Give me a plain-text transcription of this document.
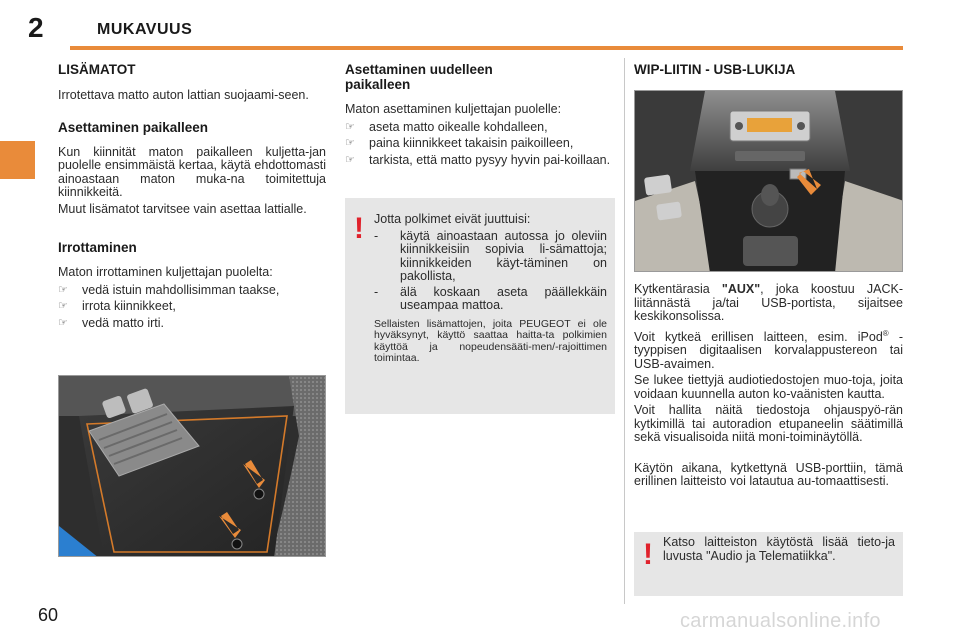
2	MUKAVUUS
LISÄMATOT

Irrotettava matto auton lattian suojaami-seen.

Asettaminen paikalleen

Kun kiinnität maton paikalleen kuljetta-jan puolelle ensimmäistä kertaa, käytä ehdottomasti ainoastaan maton muka-na toimitettuja kiinnikkeitä.

Muut lisämatot tarvitsee vain asettaa lattialle.

Irrottaminen

Maton irrottaminen kuljettajan puolelta:

☞ vedä istuin mahdollisimman taakse,
☞ irrota kiinnikkeet,
☞ vedä matto irti.
Asettaminen uudelleen paikalleen

Maton asettaminen kuljettajan puolelle:

☞ aseta matto oikealle kohdalleen,
☞ paina kiinnikkeet takaisin paikoilleen,
☞ tarkista, että matto pysyy hyvin pai-koillaan.
! Jotta polkimet eivät juuttuisi:

- käytä ainoastaan autossa jo oleviin kiinnikkeisiin sopivia li-sämattoja; kiinnikkeiden käyt-täminen on pakollista,

- älä koskaan aseta päällekkäin useampaa mattoa.

Sellaisten lisämattojen, joita PEUGEOT ei ole hyväksynyt, käyttö saattaa haitta-ta polkimien käyttöä ja nopeudensääti-men/-rajoittimen toimintaa.

WIP-LIITIN - USB-LUKIJA

Kytkentärasia "AUX", joka koostuu JACK-liitännästä ja/tai USB-portista, sijaitsee keskikonsolissa.

Voit kytkeä erillisen laitteen, esim. iPod® -tyyppisen digitaalisen korvalappustereon tai USB-avaimen.

Se lukee tiettyjä audiotiedostojen muo-toja, joita voidaan kuunnella auton ko-vaänisten kautta.

Voit hallita näitä tiedostoja ohjauspyö-rän kytkimillä tai autoradion etupaneelin säätimillä sekä visualisoida niitä moni-toiminäytöllä.

Käytön aikana, kytkettynä USB-porttiin, tämä erillinen laitteisto voi latautua au-tomaattisesti.

! Katso laitteiston käytöstä lisää tieto-ja luvusta "Audio ja Telematiikka".

60	carmanualsonline.info
